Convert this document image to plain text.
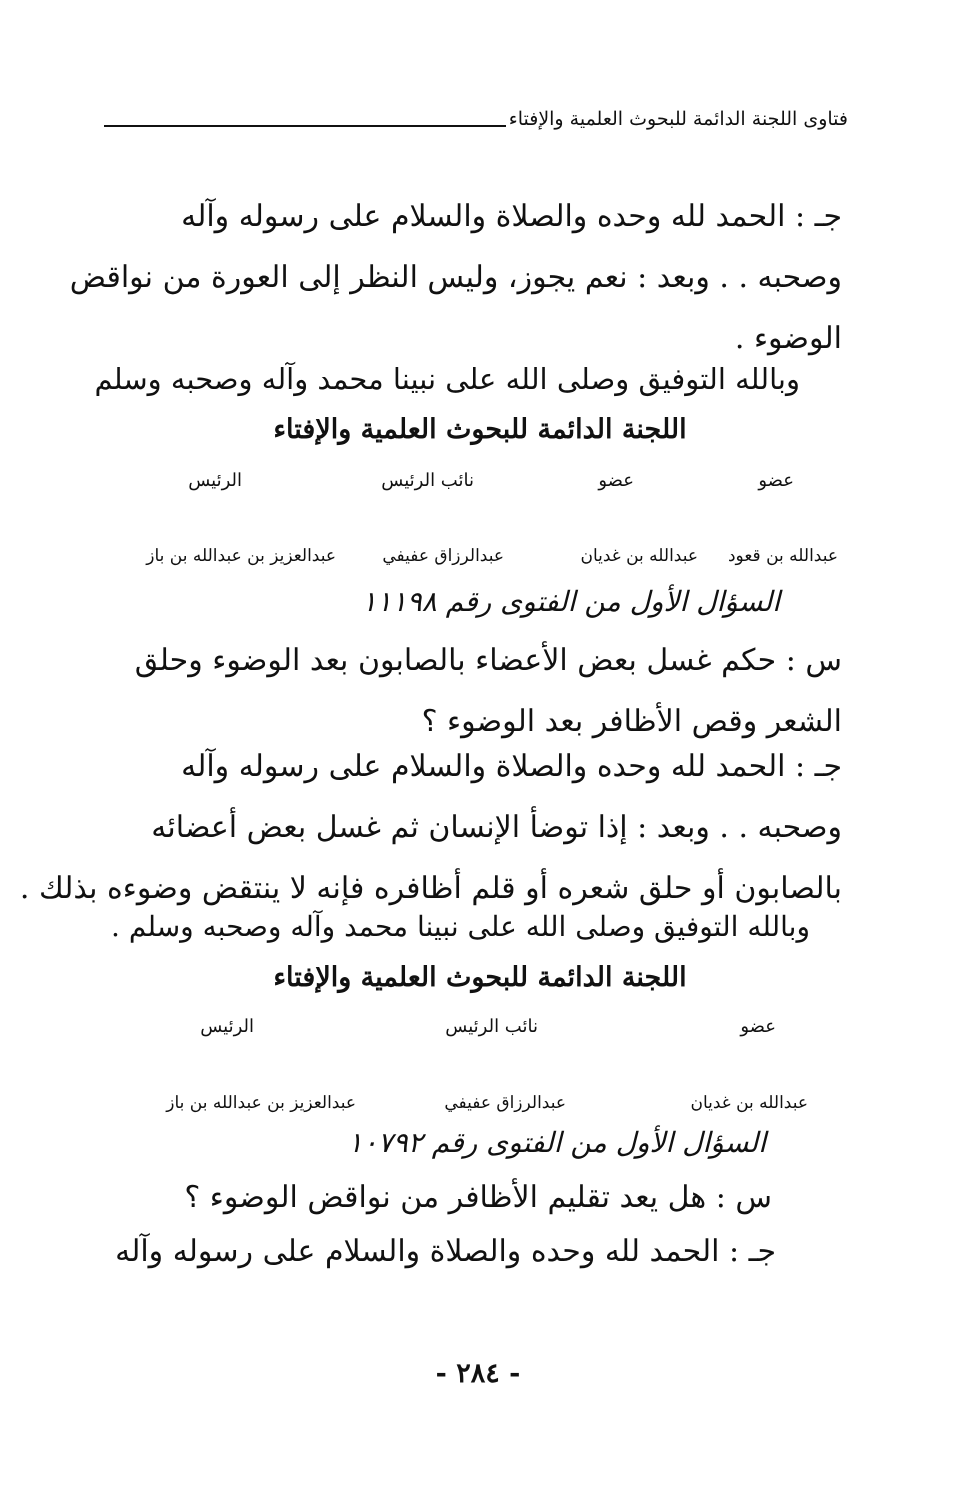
فتاوى اللجنة الدائمة للبحوث العلمية والإفتاء
جـ : الحمد لله وحده والصلاة والسلام على رسوله وآله
وصحبه . . وبعد : نعم يجوز، وليس النظر إلى العورة من نواقض
الوضوء .
وبالله التوفيق وصلى الله على نبينا محمد وآله وصحبه وسلم
اللجنة الدائمة للبحوث العلمية والإفتاء
عضو
عضو
نائب الرئيس
الرئيس
عبدالله بن قعود
عبدالله بن غديان
عبدالرزاق عفيفي
عبدالعزيز بن عبدالله بن باز
السؤال الأول من الفتوى رقم ١١١٩٨
س : حكم غسل بعض الأعضاء بالصابون بعد الوضوء وحلق
الشعر وقص الأظافر بعد الوضوء ؟
جـ : الحمد لله وحده والصلاة والسلام على رسوله وآله
وصحبه . . وبعد : إذا توضأ الإنسان ثم غسل بعض أعضائه
بالصابون أو حلق شعره أو قلم أظافره فإنه لا ينتقض وضوءه بذلك .
وبالله التوفيق وصلى الله على نبينا محمد وآله وصحبه وسلم .
اللجنة الدائمة للبحوث العلمية والإفتاء
عضو
نائب الرئيس
الرئيس
عبدالله بن غديان
عبدالرزاق عفيفي
عبدالعزيز بن عبدالله بن باز
السؤال الأول من الفتوى رقم ١٠٧٩٢
س : هل يعد تقليم الأظافر من نواقض الوضوء ؟
جـ : الحمد لله وحده والصلاة والسلام على رسوله وآله
- ٢٨٤ -
